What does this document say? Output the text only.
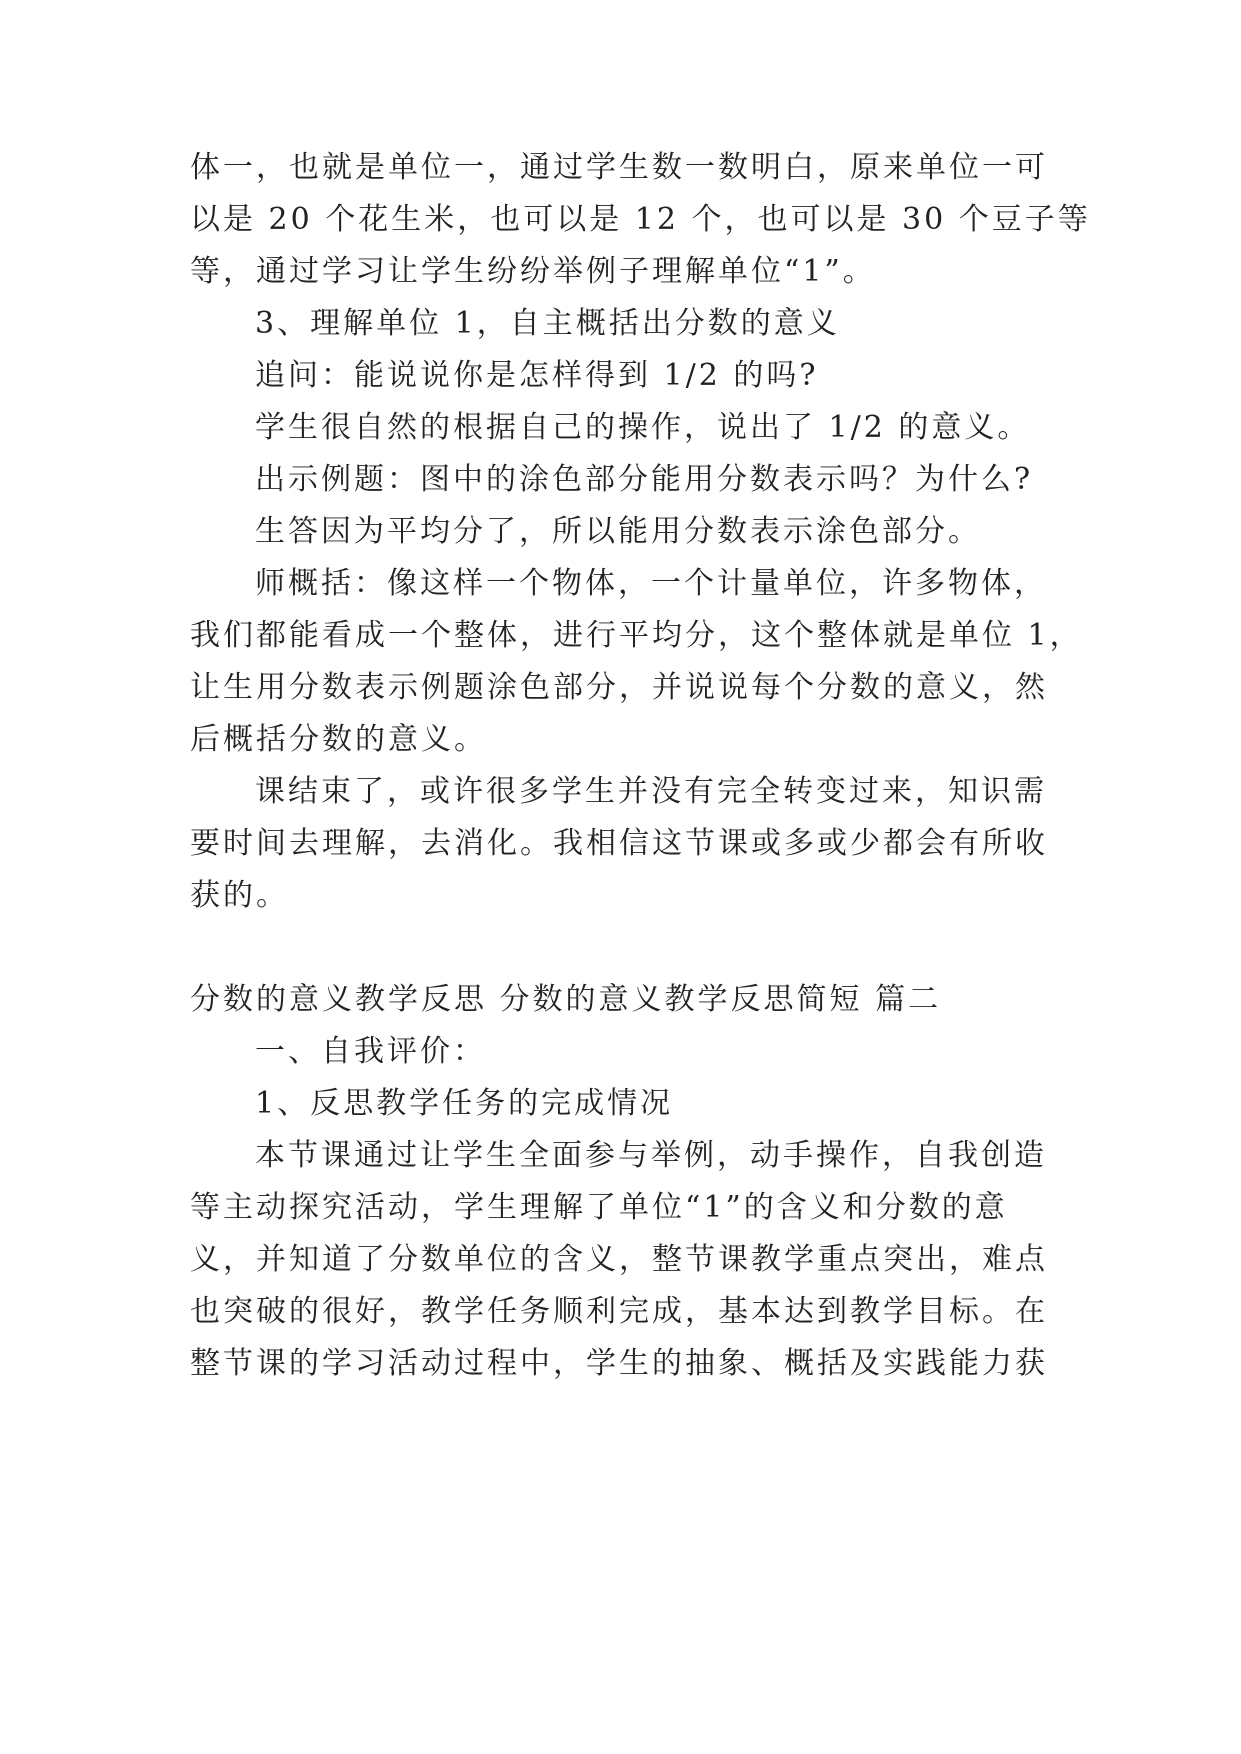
体一，也就是单位一，通过学生数一数明白，原来单位一可
以是 20 个花生米，也可以是 12 个，也可以是 30 个豆子等
等，通过学习让学生纷纷举例子理解单位“1”。
3、理解单位 1，自主概括出分数的意义
追问：能说说你是怎样得到 1/2 的吗?
学生很自然的根据自己的操作，说出了 1/2 的意义。
出示例题：图中的涂色部分能用分数表示吗？为什么?
生答因为平均分了，所以能用分数表示涂色部分。
师概括：像这样一个物体，一个计量单位，许多物体，
我们都能看成一个整体，进行平均分，这个整体就是单位 1，
让生用分数表示例题涂色部分，并说说每个分数的意义，然
后概括分数的意义。
课结束了，或许很多学生并没有完全转变过来，知识需
要时间去理解，去消化。我相信这节课或多或少都会有所收
获的。
分数的意义教学反思 分数的意义教学反思简短 篇二
一、自我评价：
1、反思教学任务的完成情况
本节课通过让学生全面参与举例，动手操作，自我创造
等主动探究活动，学生理解了单位“1”的含义和分数的意
义，并知道了分数单位的含义，整节课教学重点突出，难点
也突破的很好，教学任务顺利完成，基本达到教学目标。在
整节课的学习活动过程中，学生的抽象、概括及实践能力获
